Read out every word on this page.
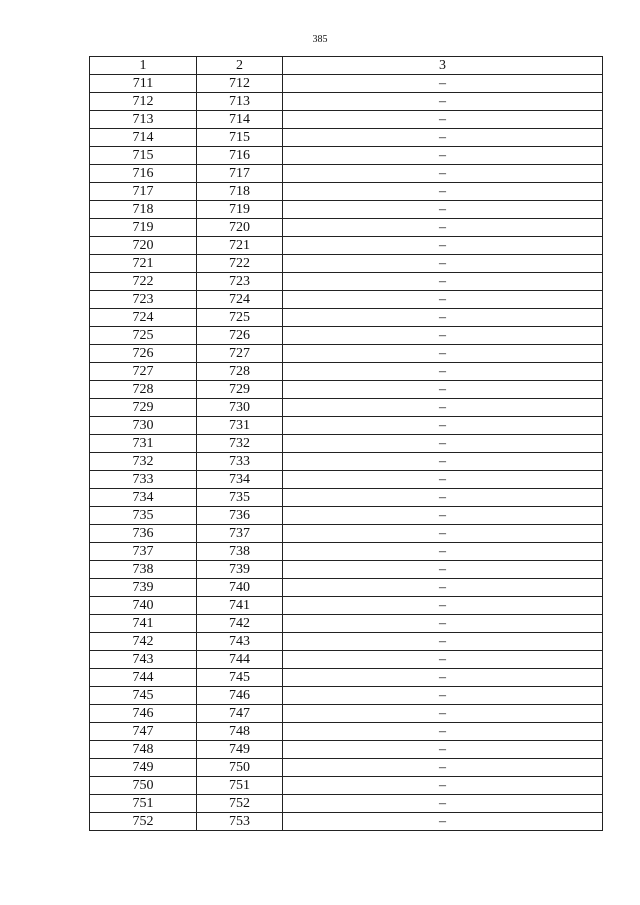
385
1	2	3
711	712	–
712	713	–
713	714	–
714	715	–
715	716	–
716	717	–
717	718	–
718	719	–
719	720	–
720	721	–
721	722	–
722	723	–
723	724	–
724	725	–
725	726	–
726	727	–
727	728	–
728	729	–
729	730	–
730	731	–
731	732	–
732	733	–
733	734	–
734	735	–
735	736	–
736	737	–
737	738	–
738	739	–
739	740	–
740	741	–
741	742	–
742	743	–
743	744	–
744	745	–
745	746	–
746	747	–
747	748	–
748	749	–
749	750	–
750	751	–
751	752	–
752	753	–
